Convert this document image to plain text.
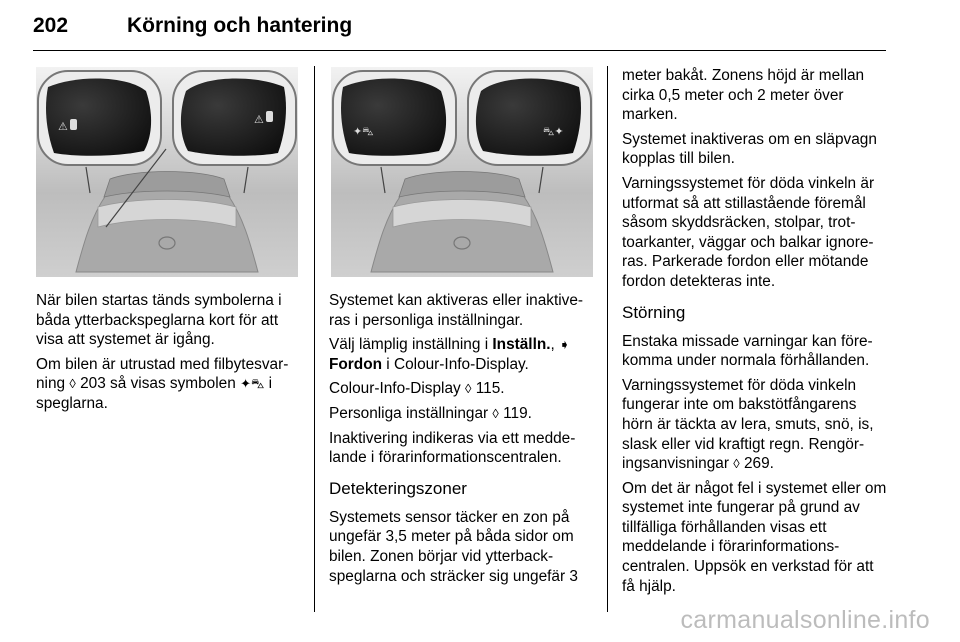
202	Körning och hantering
⚠
⚠
✦⛍	⛍✦

När bilen startas tänds symbolerna i båda ytterbackspeglarna kort för att visa att systemet är igång.

Om bilen är utrustad med filbytesvarning ◊ 203 så visas symbolen ✦⛍ i speglarna.

Systemet kan aktiveras eller inaktiveras i personliga inställningar.

Välj lämplig inställning i Inställn., ➧
Fordon i Colour-Info-Display.

Colour-Info-Display ◊ 115.

Personliga inställningar ◊ 119.

Inaktivering indikeras via ett meddelande i förarinformationscentralen.

Detekteringszoner

Systemets sensor täcker en zon på ungefär 3,5 meter på båda sidor om bilen. Zonen börjar vid ytterbackspeglarna och sträcker sig ungefär 3

meter bakåt. Zonens höjd är mellan cirka 0,5 meter och 2 meter över marken.

Systemet inaktiveras om en släpvagn kopplas till bilen.

Varningssystemet för döda vinkeln är utformat så att stillastående föremål såsom skyddsräcken, stolpar, trottoarkanter, väggar och balkar ignoreras. Parkerade fordon eller mötande fordon detekteras inte.

Störning

Enstaka missade varningar kan förekomma under normala förhållanden.

Varningssystemet för döda vinkeln fungerar inte om bakstötfångarens hörn är täckta av lera, smuts, snö, is, slask eller vid kraftigt regn. Rengöringsanvisningar ◊ 269.

Om det är något fel i systemet eller om systemet inte fungerar på grund av tillfälliga förhållanden visas ett meddelande i förarinformationscentralen. Uppsök en verkstad för att få hjälp.

carmanualsonline.info
